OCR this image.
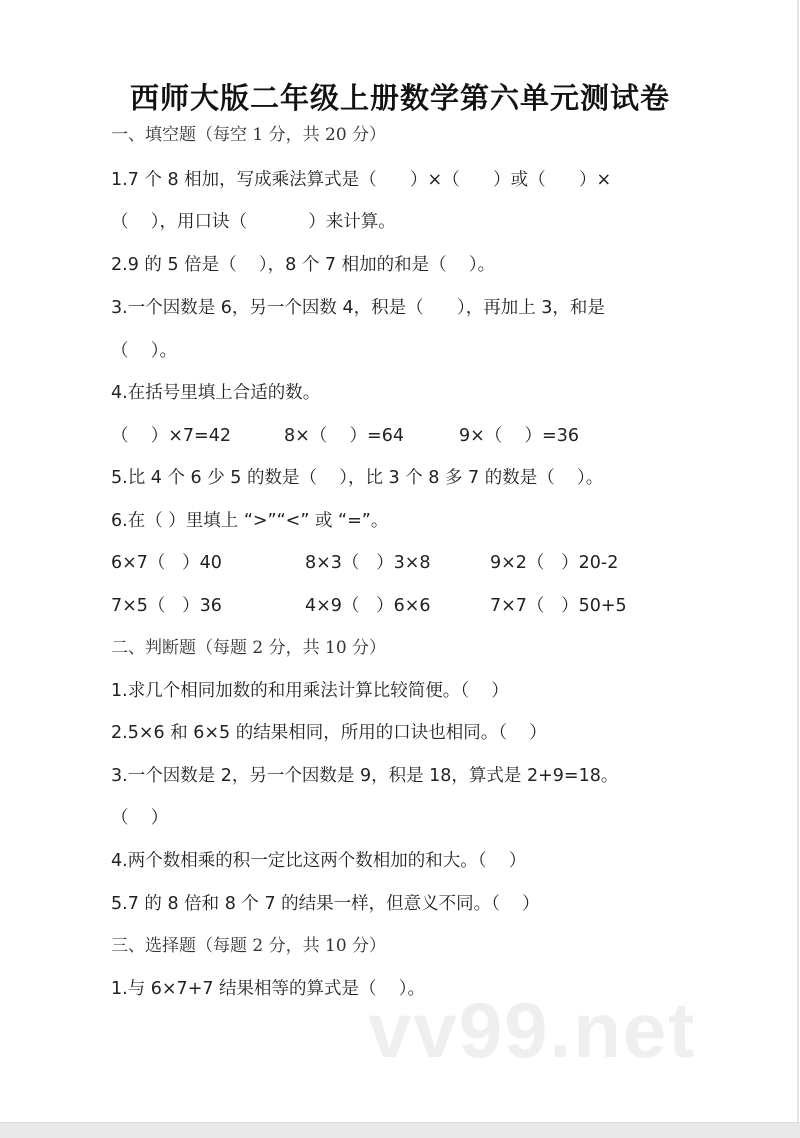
西师大版二年级上册数学第六单元测试卷
一、填空题（每空 1 分，共 20 分）
1.7 个 8 相加，写成乘法算式是（      ）×（      ）或（      ）×
（    ），用口诀（           ）来计算。
2.9 的 5 倍是（    ），8 个 7 相加的和是（    ）。
3.一个因数是 6，另一个因数 4，积是（      ），再加上 3，和是
（    ）。
4.在括号里填上合适的数。
（    ）×7=42	8×（    ）=64	9×（    ）=36
5.比 4 个 6 少 5 的数是（    ），比 3 个 8 多 7 的数是（    ）。
6.在（ ）里填上 “>”“<” 或 “=”。
6×7（   ）40	8×3（   ）3×8	9×2（   ）20-2
7×5（   ）36	4×9（   ）6×6	7×7（   ）50+5
二、判断题（每题 2 分，共 10 分）
1.求几个相同加数的和用乘法计算比较简便。（    ）
2.5×6 和 6×5 的结果相同，所用的口诀也相同。（    ）
3.一个因数是 2，另一个因数是 9，积是 18，算式是 2+9=18。
（    ）
4.两个数相乘的积一定比这两个数相加的和大。（    ）
5.7 的 8 倍和 8 个 7 的结果一样，但意义不同。（    ）
三、选择题（每题 2 分，共 10 分）
1.与 6×7+7 结果相等的算式是（    ）。
vv99.net
